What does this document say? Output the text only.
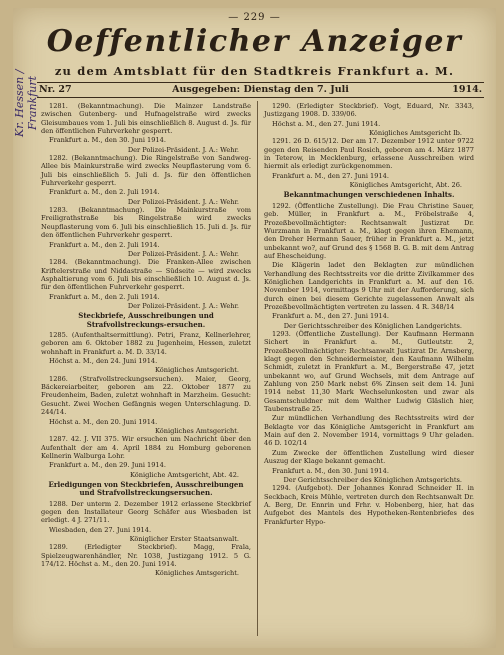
Kr. Hessen / Frankfurt
— 229 —
Oeffentlicher Anzeiger
zu dem Amtsblatt für den Stadtkreis Frankfurt a. M.
Nr. 27	Ausgegeben: Dienstag den 7. Juli	1914.

1281. (Bekanntmachung). Die Mainzer Landstraße zwischen Gutenberg- und Hufnagelstraße wird zwecks Gleisumbaues vom 1. Juli bis einschließlich 8. August d. Js. für den öffentlichen Fuhrverkehr gesperrt.

Frankfurt a. M., den 30. Juni 1914.

Der Polizei-Präsident. J. A.: Wehr.

1282. (Bekanntmachung). Die Ringelstraße von Sandweg-Allee bis Mainkurstraße wird zwecks Neupflasterung vom 6. Juli bis einschließlich 5. Juli d. Js. für den öffentlichen Fuhrverkehr gesperrt.

Frankfurt a. M., den 2. Juli 1914.

Der Polizei-Präsident. J. A.: Wehr.

1283. (Bekanntmachung). Die Mainkurstraße vom Freiligrathstraße bis Ringelstraße wird zwecks Neupflasterung vom 6. Juli bis einschließlich 15. Juli d. Js. für den öffentlichen Fuhrverkehr gesperrt.

Frankfurt a. M., den 2. Juli 1914.

Der Polizei-Präsident. J. A.: Wehr.

1284. (Bekanntmachung). Die Franken-Allee zwischen Kriftelerstraße und Niddastraße — Südseite — wird zwecks Asphaltierung vom 6. Juli bis einschließlich 10. August d. Js. für den öffentlichen Fuhrverkehr gesperrt.

Frankfurt a. M., den 2. Juli 1914.

Der Polizei-Präsident. J. A.: Wehr.

Steckbriefe, Ausschreibungen und Strafvollstreckungs-ersuchen.

1285. (Aufenthaltsermittlung). Petri, Franz, Kellnerlehrer, geboren am 6. Oktober 1882 zu Jugenheim, Hessen, zuletzt wohnhaft in Frankfurt a. M. D. 33/14.

Höchst a. M., den 24. Juni 1914.

Königliches Amtsgericht.

1286. (Strafvollstreckungsersuchen). Maier, Georg, Bäckereiarbeiter, geboren am 22. Oktober 1877 zu Freudenheim, Baden, zuletzt wohnhaft in Marzheim. Gesucht: Gesucht. Zwei Wochen Gefängnis wegen Unterschlagung. D. 244/14.

Höchst a. M., den 20. Juni 1914.

Königliches Amtsgericht.

1287. 42. J. VII 375. Wir ersuchen um Nachricht über den Aufenthalt der am 4. April 1884 zu Homburg geborenen Kellnerin Walburga Lohr.

Frankfurt a. M., den 29. Juni 1914.

Königliche Amtsgericht, Abt. 42.

Erledigungen von Steckbriefen, Ausschreibungen und Strafvollstreckungsersuchen.

1288. Der unterm 2. Dezember 1912 erlassene Steckbrief gegen den Installateur Georg Schäfer aus Wiesbaden ist erledigt. 4 J. 271/11.

Wiesbaden, den 27. Juni 1914.

Königlicher Erster Staatsanwalt.

1289. (Erledigter Steckbrief). Magg, Frala, Spielzeugwarenhändler, Nr. 1038, Justizgang 1912. 5 G. 174/12. Höchst a. M., den 20. Juni 1914.

Königliches Amtsgericht.

1290. (Erledigter Steckbrief). Vogt, Eduard, Nr. 3343, Justizgang 1908. D. 339/06.

Höchst a. M., den 27. Juni 1914.

Königliches Amtsgericht Ib.

1291. 26 D. 615/12. Der am 17. Dezember 1912 unter 9722 gegen den Reisenden Paul Rosich, geboren am 4. März 1877 in Teterow, in Mecklenburg, erlassene Ausschreiben wird hiermit als erledigt zurückgenommen.

Frankfurt a. M., den 27. Juni 1914.

Königliches Amtsgericht, Abt. 26.

Bekanntmachungen verschiedenen Inhalts.

1292. (Öffentliche Zustellung). Die Frau Christine Sauer, geb. Müller, in Frankfurt a. M., Fröbelstraße 4, Prozeßbevollmächtigter: Rechtsanwalt Justizrat Dr. Wurzmann in Frankfurt a. M., klagt gegen ihren Ehemann, den Dreher Hermann Sauer, früher in Frankfurt a. M., jetzt unbekannt wo?, auf Grund des § 1568 B. G. B. mit dem Antrag auf Ehescheidung.

Die Klägerin ladet den Beklagten zur mündlichen Verhandlung des Rechtsstreits vor die dritte Zivilkammer des Königlichen Landgerichts in Frankfurt a. M. auf den 16. November 1914, vormittags 9 Uhr mit der Aufforderung, sich durch einen bei diesem Gerichte zugelassenen Anwalt als Prozeßbevollmächtigten vertreten zu lassen. 4 R. 348/14

Frankfurt a. M., den 27. Juni 1914.

Der Gerichtsschreiber des Königlichen Landgerichts.

1293. (Öffentliche Zustellung). Der Kaufmann Hermann Sichert in Frankfurt a. M., Gutleutstr. 2, Prozeßbevollmächtigter: Rechtsanwalt Justizrat Dr. Arnsberg, klagt gegen den Schneidermeister, den Kaufmann Wilhelm Schmidt, zuletzt in Frankfurt a. M., Bergerstraße 47, jetzt unbekannt wo, auf Grund Wechsels, mit dem Antrage auf Zahlung von 250 Mark nebst 6% Zinsen seit dem 14. Juni 1914 nebst 11,30 Mark Wechselunkosten und zwar als Gesamtschuldner mit dem Walther Ludwig Gläslich hier, Taubenstraße 25.

Zur mündlichen Verhandlung des Rechtsstreits wird der Beklagte vor das Königliche Amtsgericht in Frankfurt am Main auf den 2. November 1914, vormittags 9 Uhr geladen. 46 D. 102/14

Zum Zwecke der öffentlichen Zustellung wird dieser Auszug der Klage bekannt gemacht.

Frankfurt a. M., den 30. Juni 1914.

Der Gerichtsschreiber des Königlichen Amtsgerichts.

1294. (Aufgebot). Der Johannes Konrad Schneider II. in Seckbach, Kreis Mühle, vertreten durch den Rechtsanwalt Dr. A. Berg, Dr. Ennrin und Frhr. v. Hobenberg, hier, hat das Aufgebot des Mantels des Hypotheken-Rentenbriefes des Frankfurter Hypo-
